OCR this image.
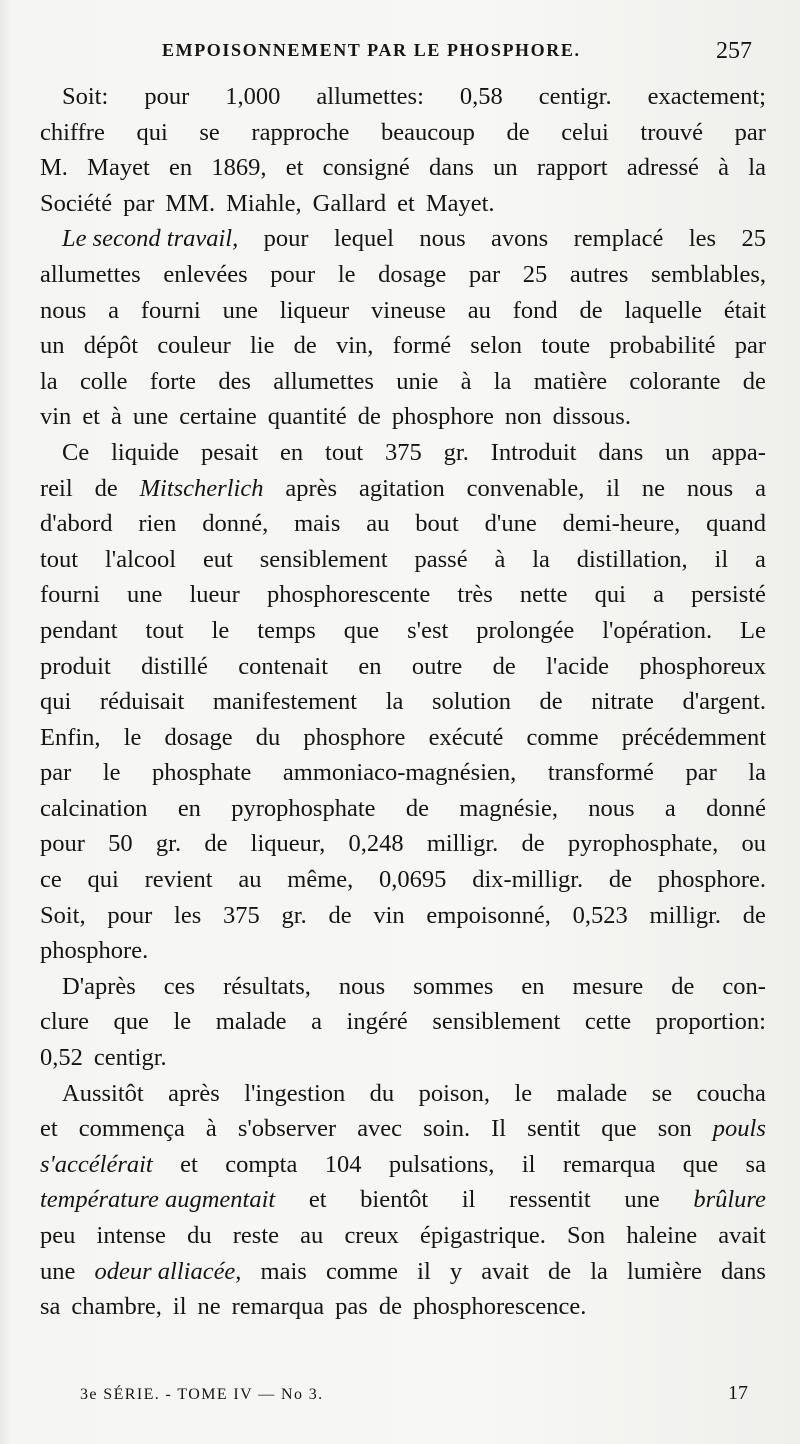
EMPOISONNEMENT PAR LE PHOSPHORE.	257
Soit: pour 1,000 allumettes: 0,58 centigr. exactement;
chiffre qui se rapproche beaucoup de celui trouvé par
M. Mayet en 1869, et consigné dans un rapport adressé à la
Société par MM. Miahle, Gallard et Mayet.
Le second travail, pour lequel nous avons remplacé les 25
allumettes enlevées pour le dosage par 25 autres semblables,
nous a fourni une liqueur vineuse au fond de laquelle était
un dépôt couleur lie de vin, formé selon toute probabilité par
la colle forte des allumettes unie à la matière colorante de
vin et à une certaine quantité de phosphore non dissous.
Ce liquide pesait en tout 375 gr. Introduit dans un appa-
reil de Mitscherlich après agitation convenable, il ne nous a
d'abord rien donné, mais au bout d'une demi-heure, quand
tout l'alcool eut sensiblement passé à la distillation, il a
fourni une lueur phosphorescente très nette qui a persisté
pendant tout le temps que s'est prolongée l'opération. Le
produit distillé contenait en outre de l'acide phosphoreux
qui réduisait manifestement la solution de nitrate d'argent.
Enfin, le dosage du phosphore exécuté comme précédemment
par le phosphate ammoniaco-magnésien, transformé par la
calcination en pyrophosphate de magnésie, nous a donné
pour 50 gr. de liqueur, 0,248 milligr. de pyrophosphate, ou
ce qui revient au même, 0,0695 dix-milligr. de phosphore.
Soit, pour les 375 gr. de vin empoisonné, 0,523 milligr. de
phosphore.
D'après ces résultats, nous sommes en mesure de con-
clure que le malade a ingéré sensiblement cette proportion:
0,52 centigr.
Aussitôt après l'ingestion du poison, le malade se coucha
et commença à s'observer avec soin. Il sentit que son pouls
s'accélérait et compta 104 pulsations, il remarqua que sa
température augmentait et bientôt il ressentit une brûlure
peu intense du reste au creux épigastrique. Son haleine avait
une odeur alliacée, mais comme il y avait de la lumière dans
sa chambre, il ne remarqua pas de phosphorescence.
3e SÉRIE. - TOME IV — No 3.	17
